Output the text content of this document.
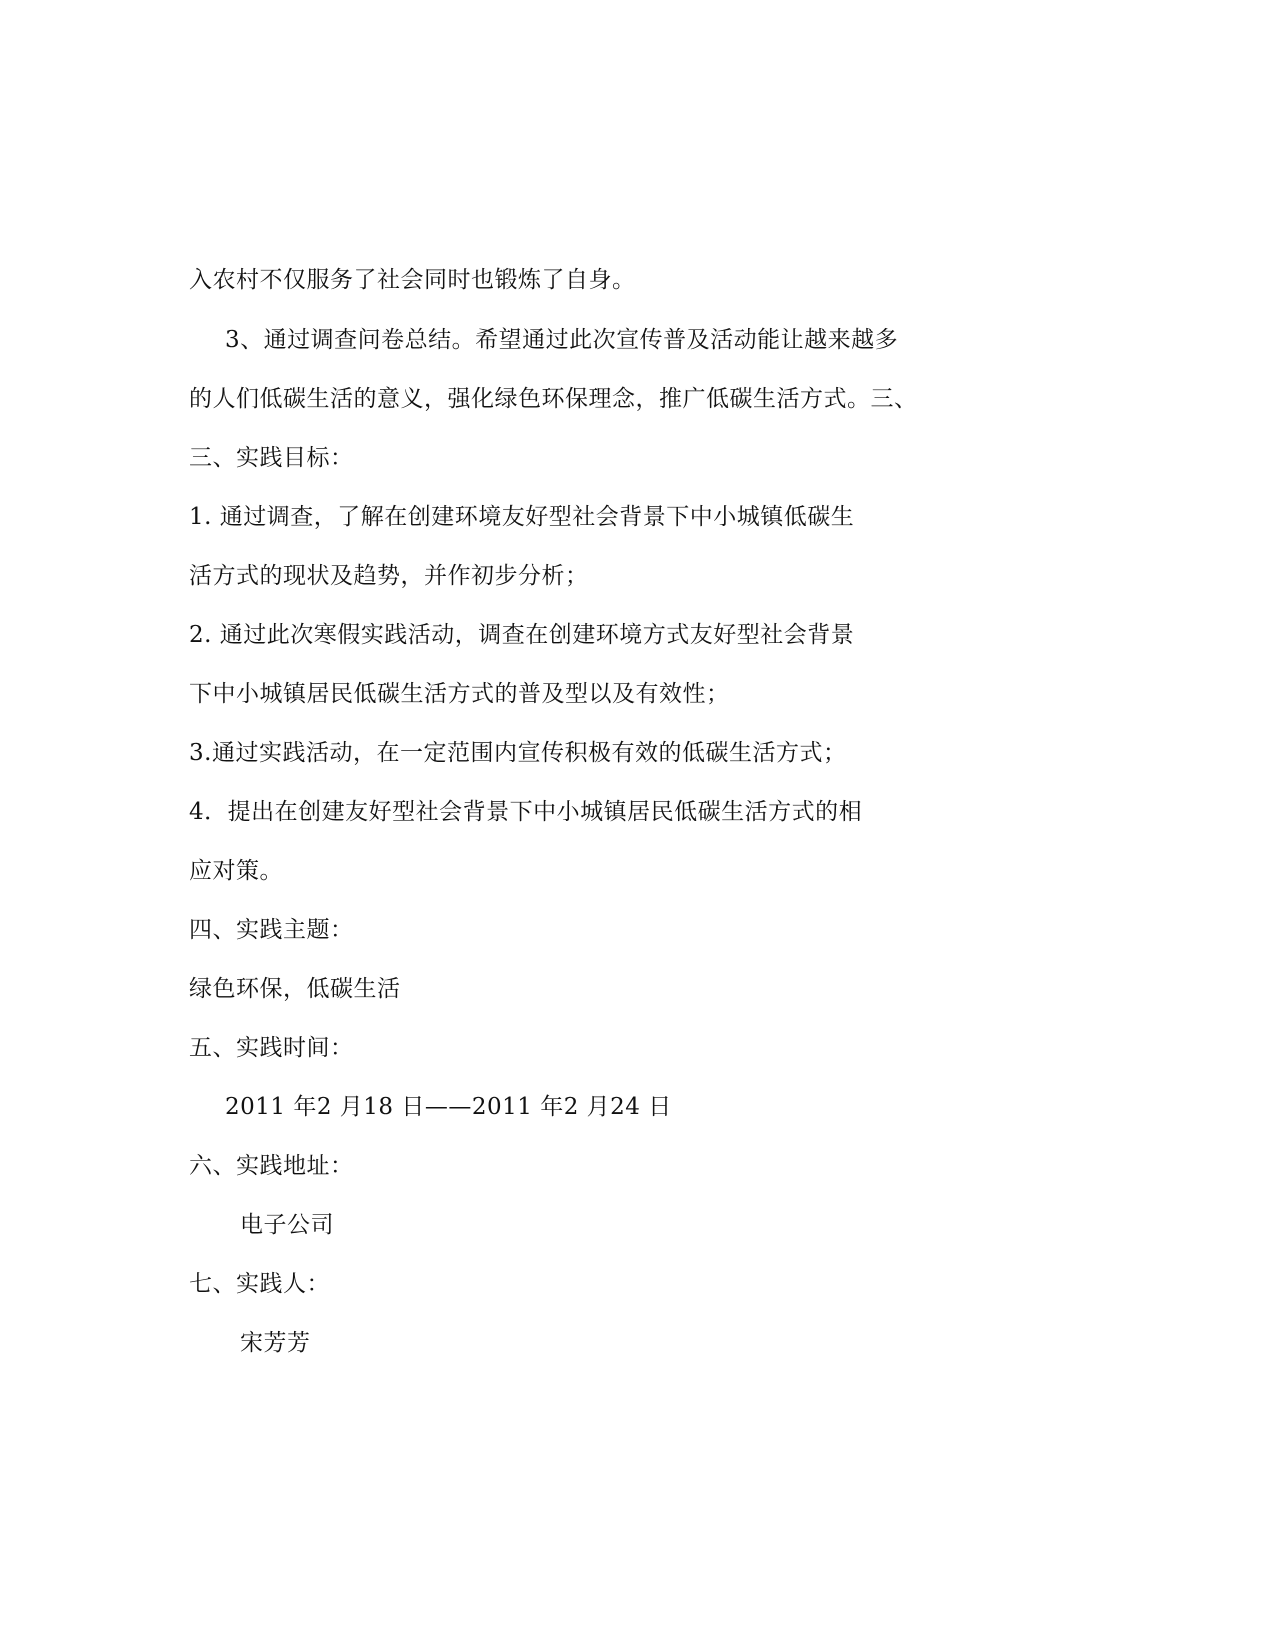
入农村不仅服务了社会同时也锻炼了自身。
3、通过调查问卷总结。希望通过此次宣传普及活动能让越来越多
的人们低碳生活的意义，强化绿色环保理念，推广低碳生活方式。三、
三、实践目标：
1. 通过调查，了解在创建环境友好型社会背景下中小城镇低碳生
活方式的现状及趋势，并作初步分析；
2. 通过此次寒假实践活动，调查在创建环境方式友好型社会背景
下中小城镇居民低碳生活方式的普及型以及有效性；
3.通过实践活动，在一定范围内宣传积极有效的低碳生活方式；
4．提出在创建友好型社会背景下中小城镇居民低碳生活方式的相
应对策。
四、实践主题：
绿色环保，低碳生活
五、实践时间：
2011 年2 月18 日——2011 年2 月24 日
六、实践地址：
电子公司
七、实践人：
宋芳芳
